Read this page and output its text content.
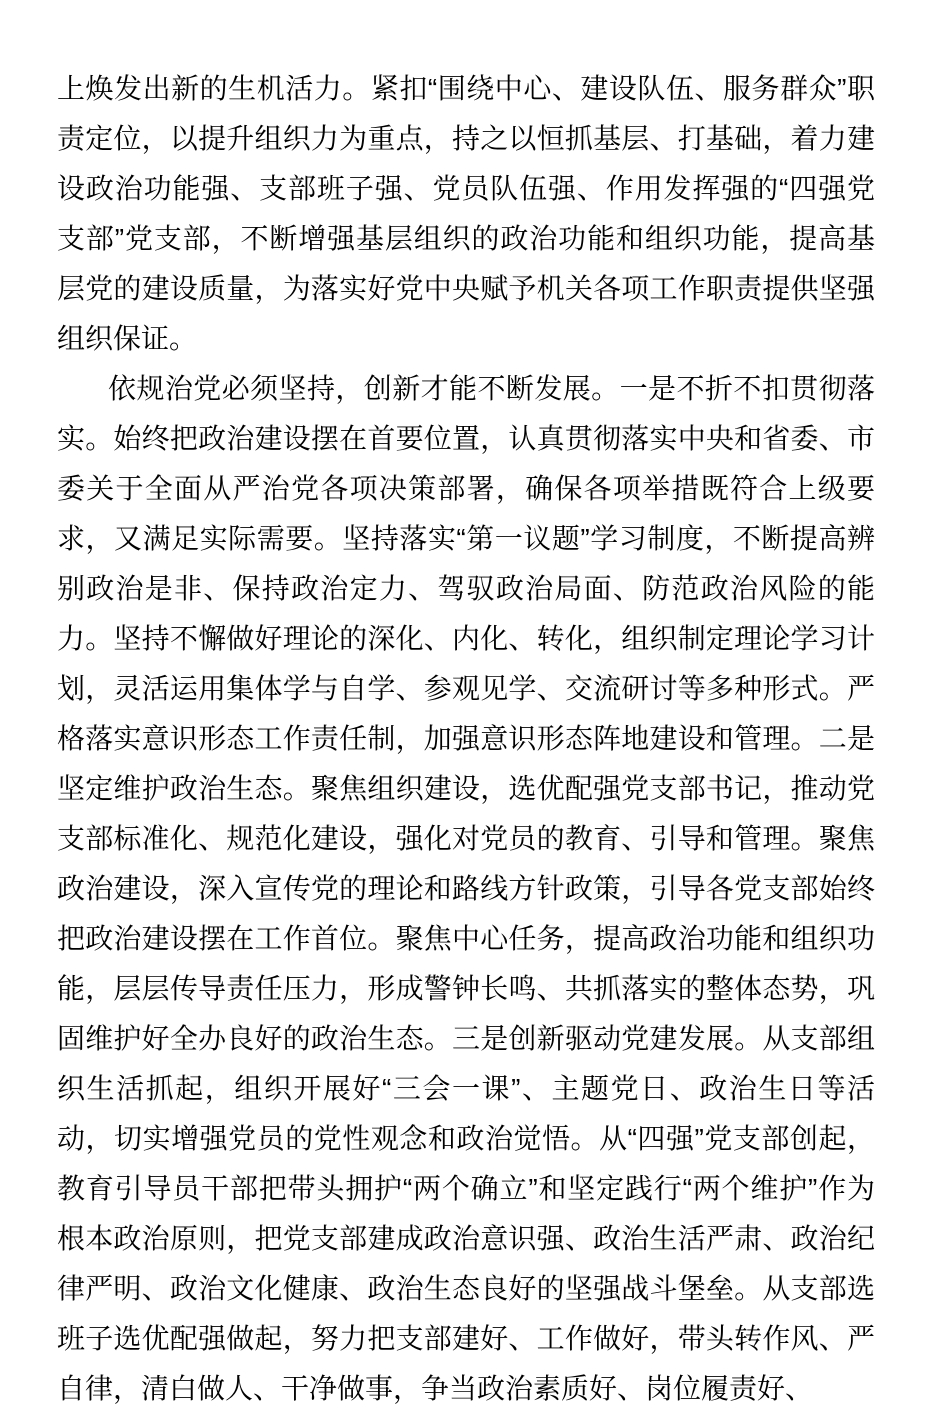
上焕发出新的生机活力。紧扣“围绕中心、建设队伍、服务群众”职责定位，以提升组织力为重点，持之以恒抓基层、打基础，着力建设政治功能强、支部班子强、党员队伍强、作用发挥强的“四强党支部”党支部，不断增强基层组织的政治功能和组织功能，提高基层党的建设质量，为落实好党中央赋予机关各项工作职责提供坚强组织保证。

依规治党必须坚持，创新才能不断发展。一是不折不扣贯彻落实。始终把政治建设摆在首要位置，认真贯彻落实中央和省委、市委关于全面从严治党各项决策部署，确保各项举措既符合上级要求，又满足实际需要。坚持落实“第一议题”学习制度，不断提高辨别政治是非、保持政治定力、驾驭政治局面、防范政治风险的能力。坚持不懈做好理论的深化、内化、转化，组织制定理论学习计划，灵活运用集体学与自学、参观见学、交流研讨等多种形式。严格落实意识形态工作责任制，加强意识形态阵地建设和管理。二是坚定维护政治生态。聚焦组织建设，选优配强党支部书记，推动党支部标准化、规范化建设，强化对党员的教育、引导和管理。聚焦政治建设，深入宣传党的理论和路线方针政策，引导各党支部始终把政治建设摆在工作首位。聚焦中心任务，提高政治功能和组织功能，层层传导责任压力，形成警钟长鸣、共抓落实的整体态势，巩固维护好全办良好的政治生态。三是创新驱动党建发展。从支部组织生活抓起，组织开展好“三会一课”、主题党日、政治生日等活动，切实增强党员的党性观念和政治觉悟。从“四强”党支部创起，教育引导员干部把带头拥护“两个确立”和坚定践行“两个维护”作为根本政治原则，把党支部建成政治意识强、政治生活严肃、政治纪律严明、政治文化健康、政治生态良好的坚强战斗堡垒。从支部选班子选优配强做起，努力把支部建好、工作做好，带头转作风、严自律，清白做人、干净做事，争当政治素质好、岗位履责好、
